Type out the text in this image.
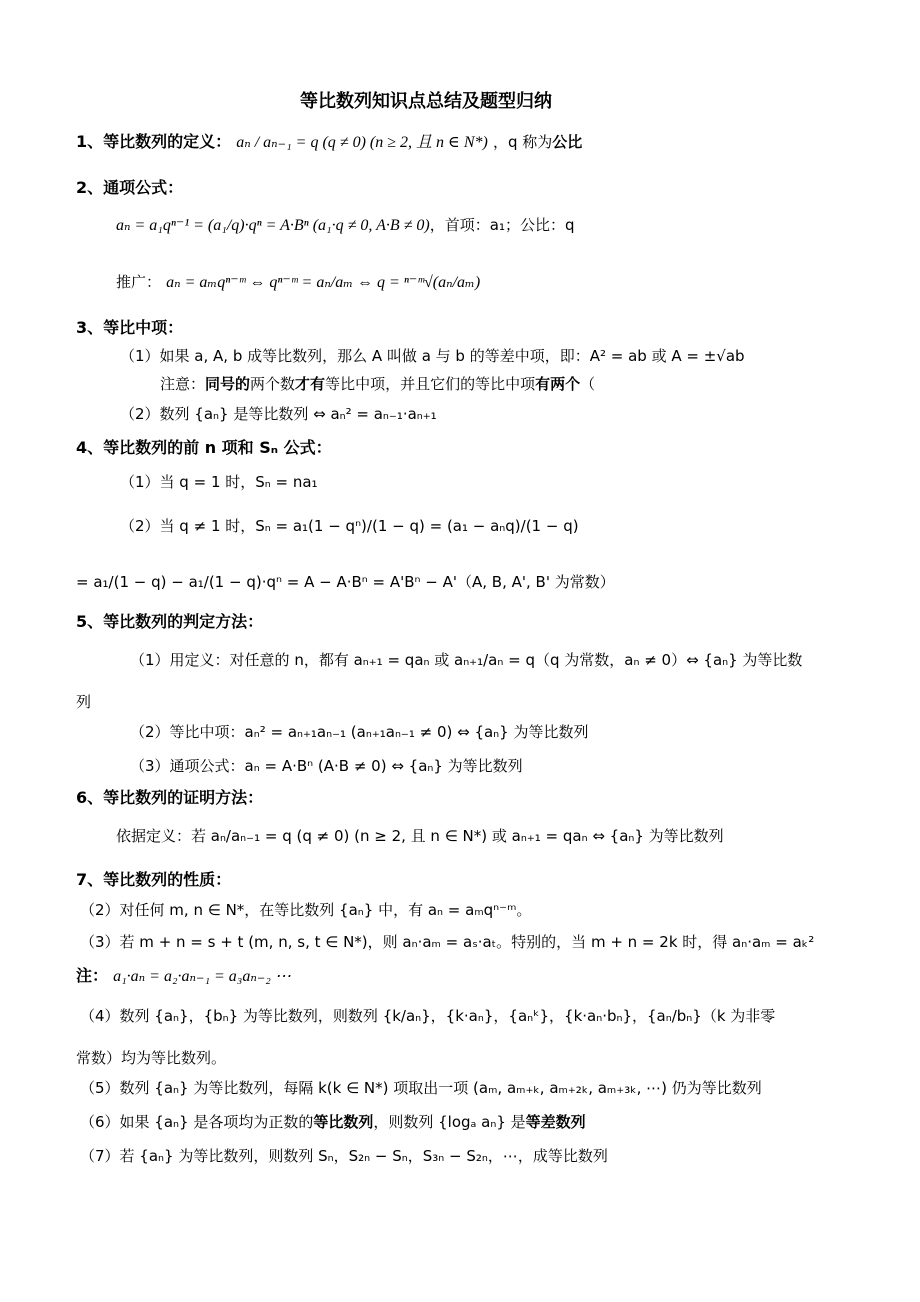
等比数列知识点总结及题型归纳
1、等比数列的定义： aₙ / aₙ₋₁ = q (q ≠ 0) (n ≥ 2, 且 n ∈ N*) ，q 称为公比
2、通项公式：
aₙ = a₁qⁿ⁻¹ = (a₁/q)·qⁿ = A·Bⁿ (a₁·q ≠ 0, A·B ≠ 0)，首项：a₁；公比：q
推广： aₙ = aₘqⁿ⁻ᵐ ⇔ qⁿ⁻ᵐ = aₙ/aₘ ⇔ q = ⁿ⁻ᵐ√(aₙ/aₘ)
3、等比中项：
（1）如果 a, A, b 成等比数列，那么 A 叫做 a 与 b 的等差中项，即：A² = ab 或 A = ±√ab
注意：同号的两个数才有等比中项，并且它们的等比中项有两个（
（2）数列 {aₙ} 是等比数列 ⇔ aₙ² = aₙ₋₁·aₙ₊₁
4、等比数列的前 n 项和 Sₙ 公式：
（1）当 q = 1 时，Sₙ = na₁
（2）当 q ≠ 1 时，Sₙ = a₁(1 − qⁿ)/(1 − q) = (a₁ − aₙq)/(1 − q)
= a₁/(1 − q) − a₁/(1 − q)·qⁿ = A − A·Bⁿ = A'Bⁿ − A'（A, B, A', B' 为常数）
5、等比数列的判定方法：
（1）用定义：对任意的 n，都有 aₙ₊₁ = qaₙ 或 aₙ₊₁/aₙ = q（q 为常数，aₙ ≠ 0）⇔ {aₙ} 为等比数
列
（2）等比中项：aₙ² = aₙ₊₁aₙ₋₁ (aₙ₊₁aₙ₋₁ ≠ 0) ⇔ {aₙ} 为等比数列
（3）通项公式：aₙ = A·Bⁿ (A·B ≠ 0) ⇔ {aₙ} 为等比数列
6、等比数列的证明方法：
依据定义：若 aₙ/aₙ₋₁ = q (q ≠ 0) (n ≥ 2, 且 n ∈ N*) 或 aₙ₊₁ = qaₙ ⇔ {aₙ} 为等比数列
7、等比数列的性质：
（2）对任何 m, n ∈ N*，在等比数列 {aₙ} 中，有 aₙ = aₘqⁿ⁻ᵐ。
（3）若 m + n = s + t (m, n, s, t ∈ N*)，则 aₙ·aₘ = aₛ·aₜ。特别的，当 m + n = 2k 时，得 aₙ·aₘ = aₖ²
注： a₁·aₙ = a₂·aₙ₋₁ = a₃aₙ₋₂ ⋯
（4）数列 {aₙ}，{bₙ} 为等比数列，则数列 {k/aₙ}，{k·aₙ}，{aₙᵏ}，{k·aₙ·bₙ}，{aₙ/bₙ}（k 为非零
常数）均为等比数列。
（5）数列 {aₙ} 为等比数列，每隔 k(k ∈ N*) 项取出一项 (aₘ, aₘ₊ₖ, aₘ₊₂ₖ, aₘ₊₃ₖ, ⋯) 仍为等比数列
（6）如果 {aₙ} 是各项均为正数的等比数列，则数列 {logₐ aₙ} 是等差数列
（7）若 {aₙ} 为等比数列，则数列 Sₙ，S₂ₙ − Sₙ，S₃ₙ − S₂ₙ，⋯，成等比数列
